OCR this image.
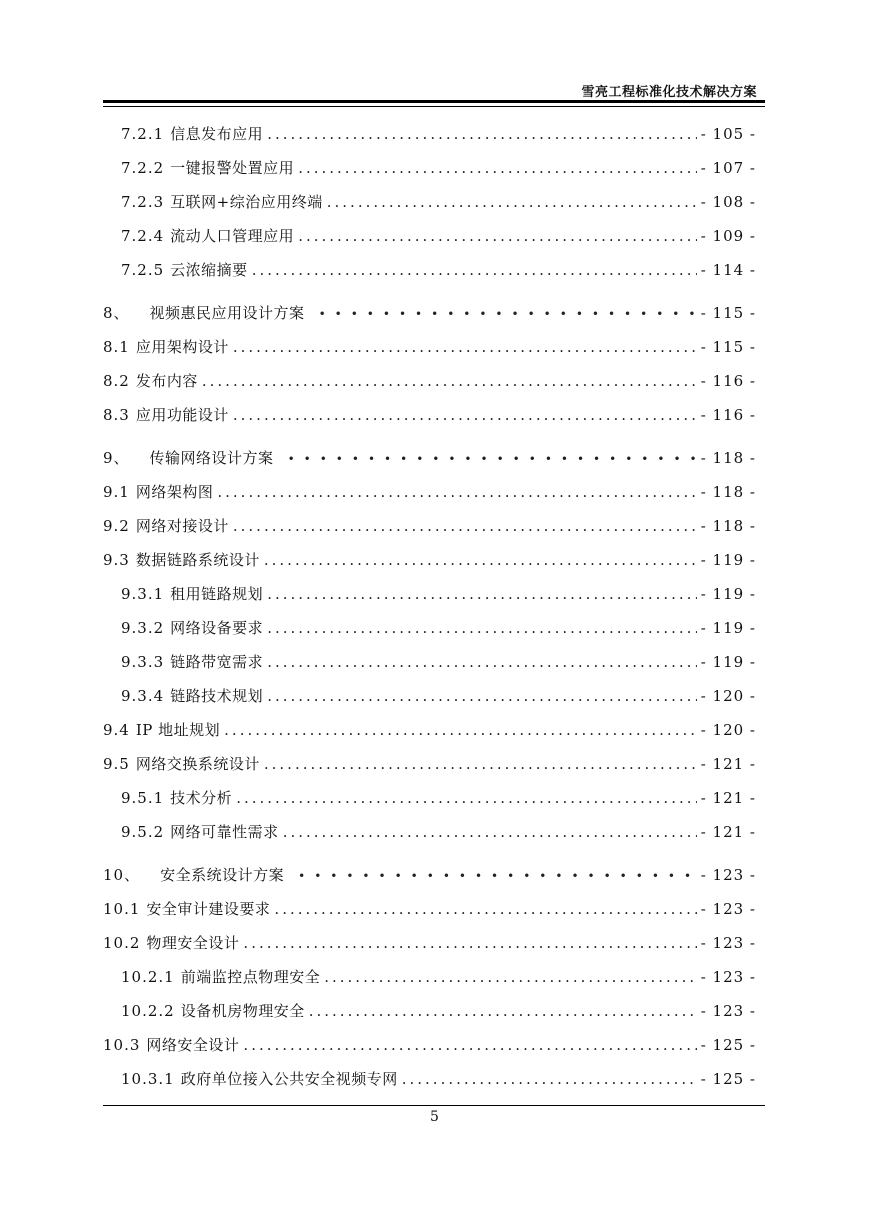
雪亮工程标准化技术解决方案
7.2.1 信息发布应用 .....	- 105 -
7.2.2 一键报警处置应用 .....	- 107 -
7.2.3 互联网+综治应用终端 .....	- 108 -
7.2.4 流动人口管理应用 .....	- 109 -
7.2.5 云浓缩摘要 .....	- 114 -
8、 视频惠民应用设计方案 •••••	- 115 -
8.1 应用架构设计 .....	- 115 -
8.2 发布内容 .....	- 116 -
8.3 应用功能设计 .....	- 116 -
9、 传输网络设计方案 •••••	- 118 -
9.1 网络架构图 .....	- 118 -
9.2 网络对接设计 .....	- 118 -
9.3 数据链路系统设计 .....	- 119 -
9.3.1 租用链路规划 .....	- 119 -
9.3.2 网络设备要求 .....	- 119 -
9.3.3 链路带宽需求 .....	- 119 -
9.3.4 链路技术规划 .....	- 120 -
9.4 IP 地址规划 .....	- 120 -
9.5 网络交换系统设计 .....	- 121 -
9.5.1 技术分析 .....	- 121 -
9.5.2 网络可靠性需求 .....	- 121 -
10、 安全系统设计方案 •••••	- 123 -
10.1 安全审计建设要求 .....	- 123 -
10.2 物理安全设计 .....	- 123 -
10.2.1 前端监控点物理安全 .....	- 123 -
10.2.2 设备机房物理安全 .....	- 123 -
10.3 网络安全设计 .....	- 125 -
10.3.1 政府单位接入公共安全视频专网 .....	- 125 -
5
